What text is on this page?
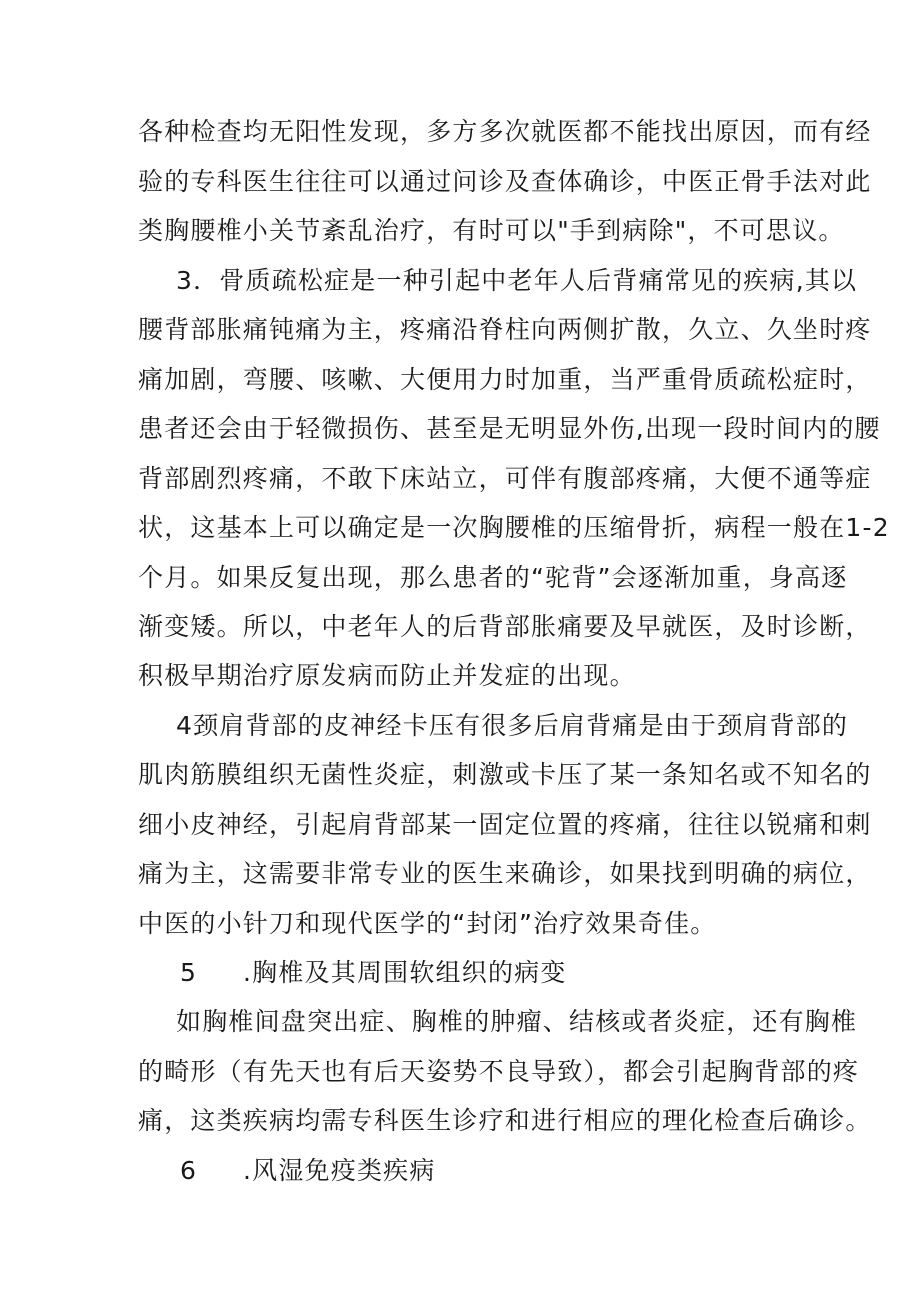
各种检查均无阳性发现，多方多次就医都不能找出原因，而有经
验的专科医生往往可以通过问诊及查体确诊，中医正骨手法对此
类胸腰椎小关节紊乱治疗，有时可以"手到病除"，不可思议。
3．骨质疏松症是一种引起中老年人后背痛常见的疾病,其以
腰背部胀痛钝痛为主，疼痛沿脊柱向两侧扩散，久立、久坐时疼
痛加剧，弯腰、咳嗽、大便用力时加重，当严重骨质疏松症时，
患者还会由于轻微损伤、甚至是无明显外伤,出现一段时间内的腰
背部剧烈疼痛，不敢下床站立，可伴有腹部疼痛，大便不通等症
状，这基本上可以确定是一次胸腰椎的压缩骨折，病程一般在1-2
个月。如果反复出现，那么患者的“驼背”会逐渐加重，身高逐
渐变矮。所以，中老年人的后背部胀痛要及早就医，及时诊断，
积极早期治疗原发病而防止并发症的出现。
4颈肩背部的皮神经卡压有很多后肩背痛是由于颈肩背部的
肌肉筋膜组织无菌性炎症，刺激或卡压了某一条知名或不知名的
细小皮神经，引起肩背部某一固定位置的疼痛，往往以锐痛和刺
痛为主，这需要非常专业的医生来确诊，如果找到明确的病位，
中医的小针刀和现代医学的“封闭”治疗效果奇佳。
5 .胸椎及其周围软组织的病变
如胸椎间盘突出症、胸椎的肿瘤、结核或者炎症，还有胸椎
的畸形（有先天也有后天姿势不良导致），都会引起胸背部的疼
痛，这类疾病均需专科医生诊疗和进行相应的理化检查后确诊。
6 .风湿免疫类疾病
